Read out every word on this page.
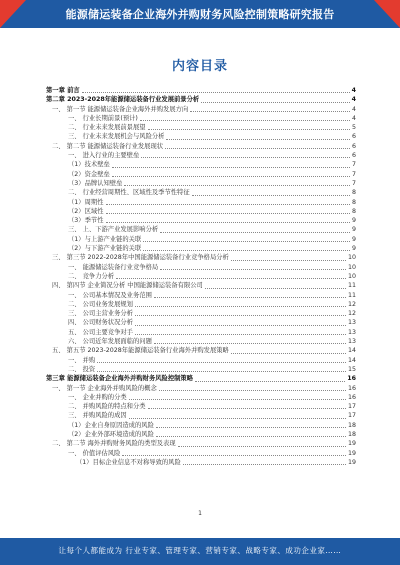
能源储运装备企业海外并购财务风险控制策略研究报告
内容目录
第一章 前言	4
第二章 2023-2028年能源储运装备行业发展前景分析	4
一、 第一节 能源储运装备企业海外并购发展方向	4
一、 行业长期前景(预计)	4
二、 行业未来发展前景展望	5
三、 行业未来发展机会与风险分析	6
二、 第二节 能源储运装备行业发展现状	6
一、 进入行业的主要壁垒	6
（1）技术壁垒	7
（2）资金壁垒	7
（3）品牌认知壁垒	7
二、 行业经营周期性、区域性及季节性特征	8
（1）周期性	8
（2）区域性	8
（3）季节性	9
三、 上、下游产业发展影响分析	9
（1）与上游产业链的关联	9
（2）与下游产业链的关联	9
三、 第三节 2022-2028年中国能源储运装备行业竞争格局分析	10
一、 能源储运装备行业竞争格局	10
二、 竞争力分析	10
四、 第四节 企业简况分析 中国能源储运装备有限公司	11
一、 公司基本情况及业务范围	11
二、 公司业务发展规划	12
三、 公司主营业务分析	12
四、 公司财务状况分析	13
五、 公司主要竞争对手	13
六、 公司近年发展面临的问题	13
五、 第五节 2023-2028年能源储运装备行业海外并购发展策略	14
一、 并购	14
二、 投资	15
第三章 能源储运装备企业海外并购财务风险控制策略	16
一、 第一节 企业海外并购风险的概念	16
一、 企业并购的分类	16
二、 并购风险的特点和分类	17
三、 并购风险的成因	17
（1）企业自身原因造成的风险	18
（2）企业外部环境造成的风险	18
二、 第二节 海外并购财务风险的类型及表现	19
一、 价值评估风险	19
（1）目标企业信息不对称导致的风险	19
1
让每个人都能成为 行业专家、管理专家、营销专家、战略专家、成功企业家……
